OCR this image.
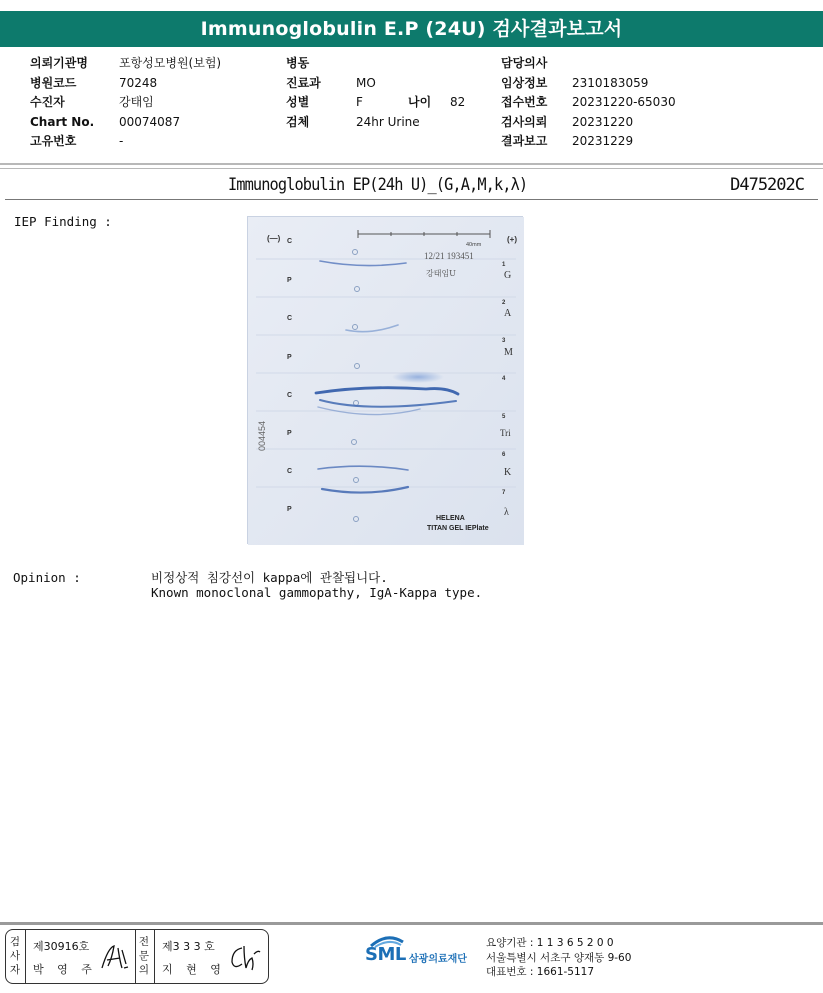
Immunoglobulin E.P (24U) 검사결과보고서
의뢰기관명	포항성모병원(보험)
병원코드	70248
수진자	강태임
Chart No.	00074087
고유번호	-
병동
진료과	MO
성별	F	나이	82
검체	24hr Urine
담당의사
임상정보	2310183059
접수번호	20231220-65030
검사의뢰	20231220
결과보고	20231229
Immunoglobulin EP(24h U)_(G,A,M,k,λ)	D475202C
IEP Finding :
C
P
C
P
C
P
C
P
(—)	(+)
40mm
12/21 193451
강태임U
004454
1
2
3
4
5
6
7
G
A
M
Tri
K
λ
HELENA
TITAN GEL IEPlate
Opinion :	비정상적 침강선이 kappa에 관찰됩니다.
Known monoclonal gammopathy, IgA-Kappa type.
검
사
자
제30916호
박 영 주
전
문
의
제3 3 3 호
지 현 영
SML 삼광의료재단
요양기관 : 1 1 3 6 5 2 0 0
서울특별시 서초구 양재동 9-60
대표번호 : 1661-5117
